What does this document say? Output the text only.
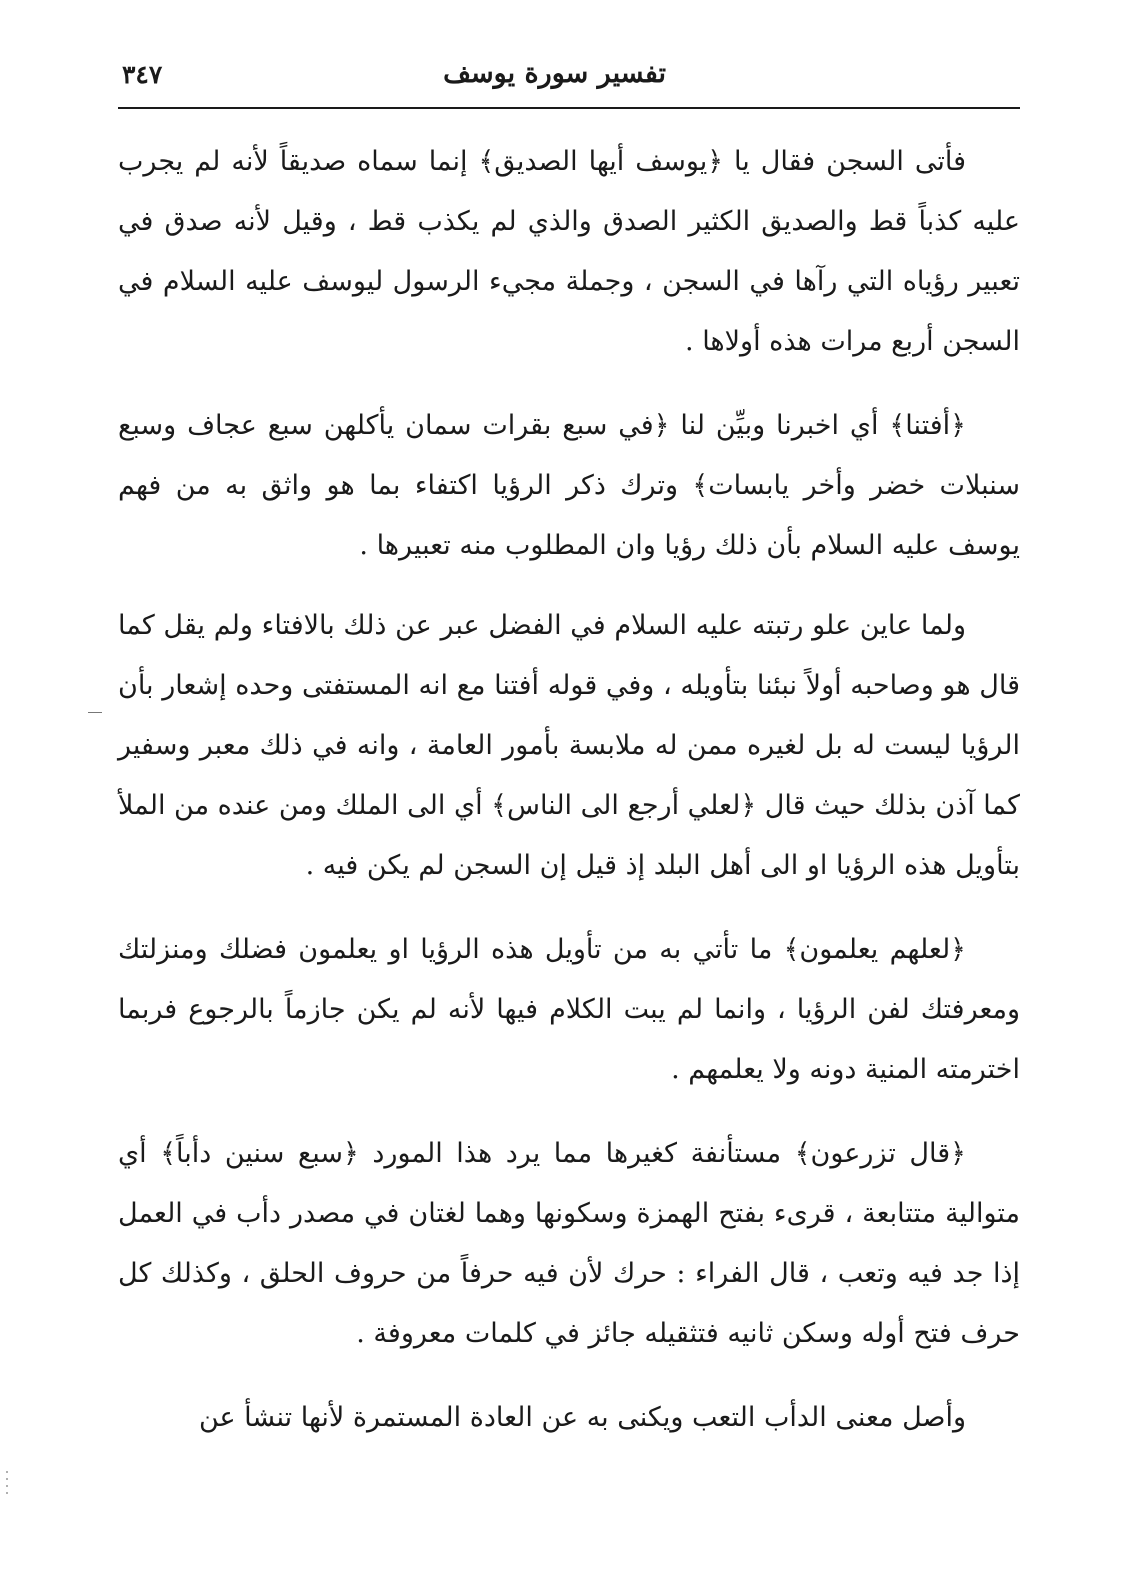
تفسير سورة يوسف
٣٤٧

فأتى السجن فقال يا ﴿يوسف أيها الصديق﴾ إنما سماه صديقاً لأنه لم يجرب عليه كذباً قط والصديق الكثير الصدق والذي لم يكذب قط ، وقيل لأنه صدق في تعبير رؤياه التي رآها في السجن ، وجملة مجيء الرسول ليوسف عليه السلام في السجن أربع مرات هذه أولاها .

﴿أفتنا﴾ أي اخبرنا وبيِّن لنا ﴿في سبع بقرات سمان يأكلهن سبع عجاف وسبع سنبلات خضر وأخر يابسات﴾ وترك ذكر الرؤيا اكتفاء بما هو واثق به من فهم يوسف عليه السلام بأن ذلك رؤيا وان المطلوب منه تعبيرها .

ولما عاين علو رتبته عليه السلام في الفضل عبر عن ذلك بالافتاء ولم يقل كما قال هو وصاحبه أولاً نبئنا بتأويله ، وفي قوله أفتنا مع انه المستفتى وحده إشعار بأن الرؤيا ليست له بل لغيره ممن له ملابسة بأمور العامة ، وانه في ذلك معبر وسفير كما آذن بذلك حيث قال ﴿لعلي أرجع الى الناس﴾ أي الى الملك ومن عنده من الملأ بتأويل هذه الرؤيا او الى أهل البلد إذ قيل إن السجن لم يكن فيه .

﴿لعلهم يعلمون﴾ ما تأتي به من تأويل هذه الرؤيا او يعلمون فضلك ومنزلتك ومعرفتك لفن الرؤيا ، وانما لم يبت الكلام فيها لأنه لم يكن جازماً بالرجوع فربما اخترمته المنية دونه ولا يعلمهم .

﴿قال تزرعون﴾ مستأنفة كغيرها مما يرد هذا المورد ﴿سبع سنين دأباً﴾ أي متوالية متتابعة ، قرىء بفتح الهمزة وسكونها وهما لغتان في مصدر دأب في العمل إذا جد فيه وتعب ، قال الفراء : حرك لأن فيه حرفاً من حروف الحلق ، وكذلك كل حرف فتح أوله وسكن ثانيه فتثقيله جائز في كلمات معروفة .

وأصل معنى الدأب التعب ويكنى به عن العادة المستمرة لأنها تنشأ عن
